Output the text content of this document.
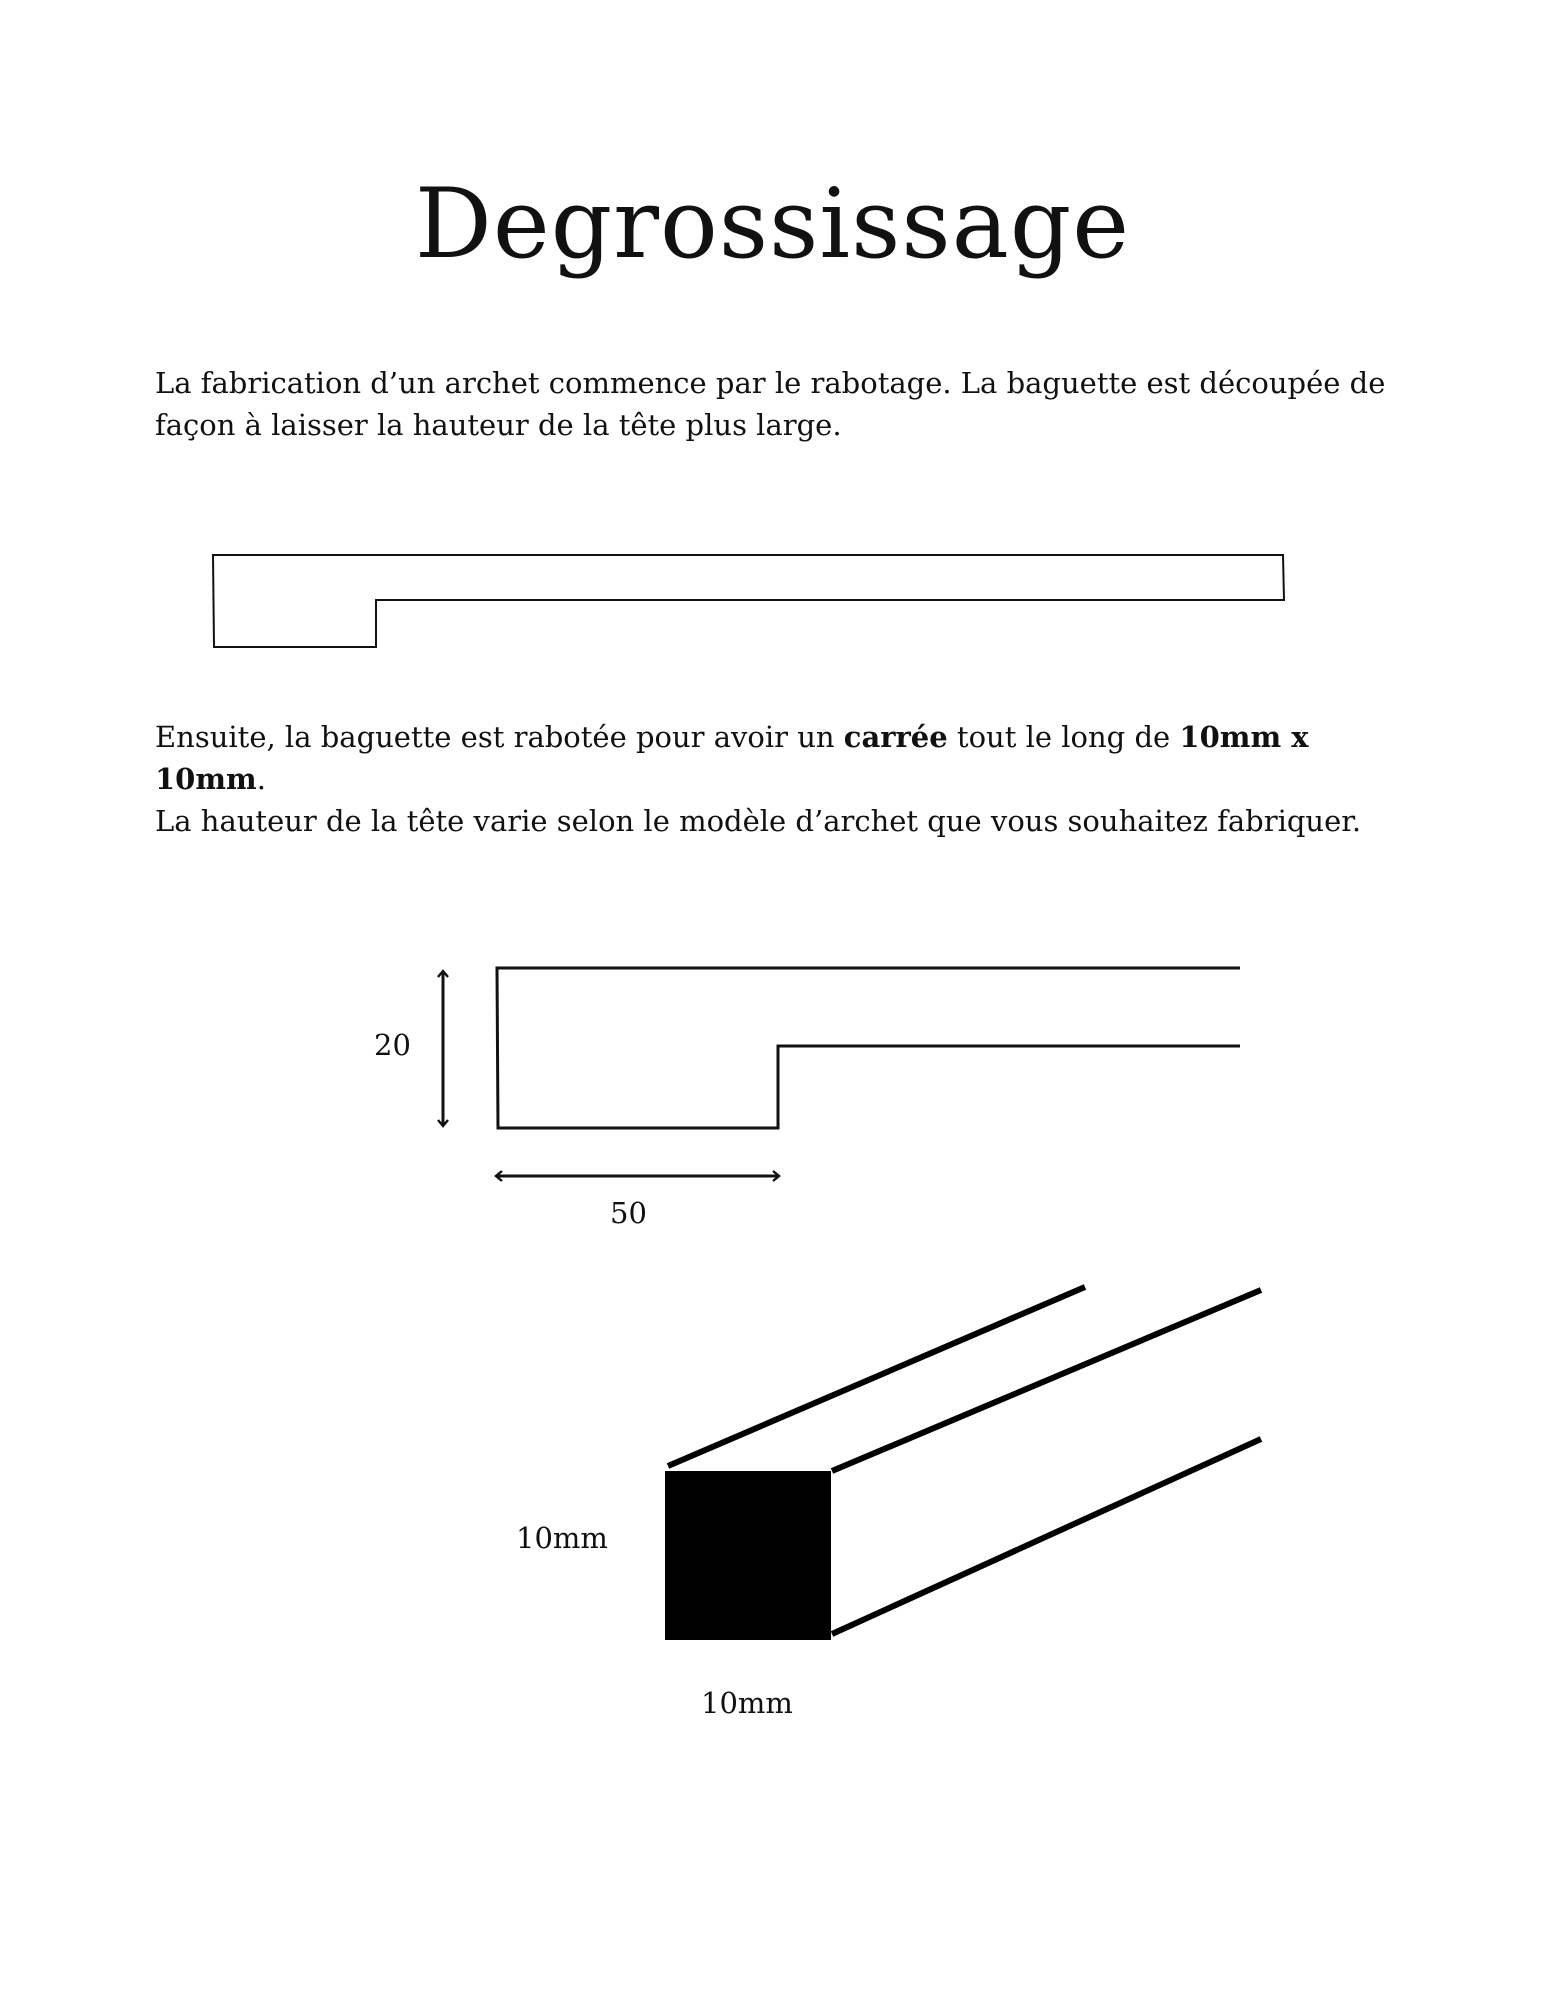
Degrossissage

La fabrication d’un archet commence par le rabotage. La baguette est découpée de façon à laisser la hauteur de la tête plus large.

Ensuite, la baguette est rabotée pour avoir un carrée tout le long de 10mm x 10mm.
La hauteur de la tête varie selon le modèle d’archet que vous souhaitez fabriquer.

20
50
10mm
10mm
